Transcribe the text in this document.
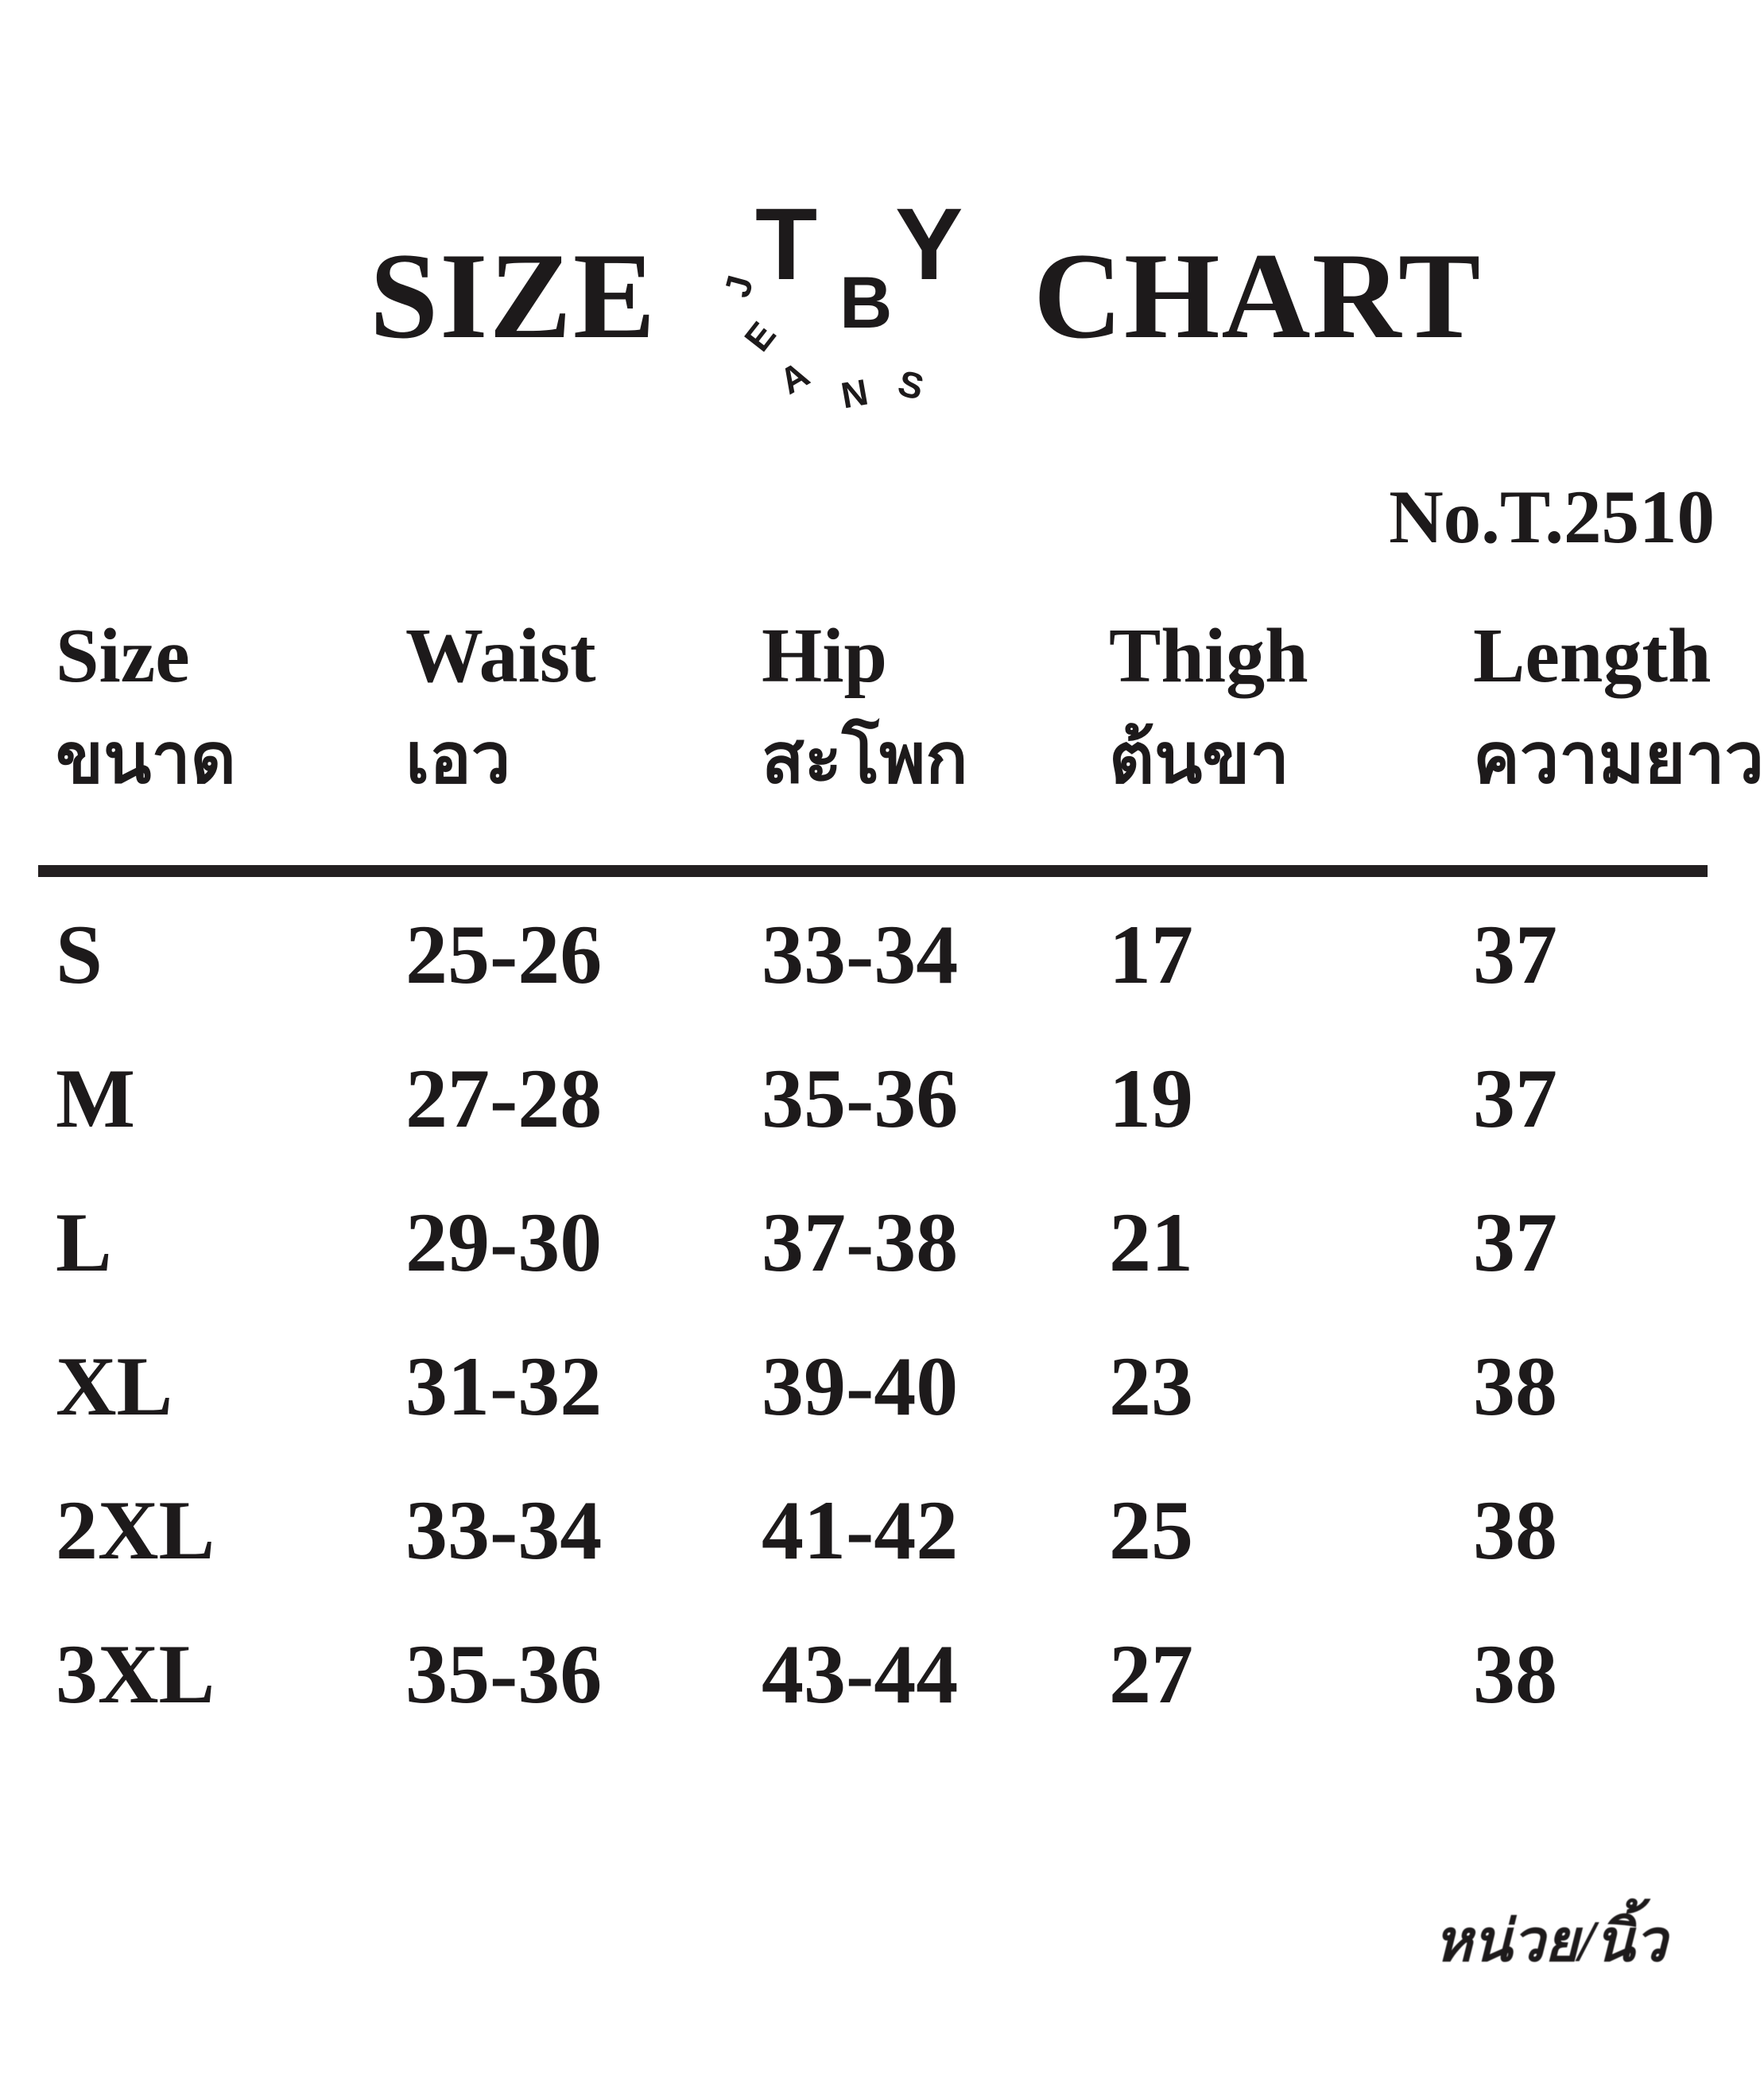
SIZE T Y
B
J
E
A N S
CHART
No.T.2510
Size	Waist	Hip	Thigh	Length
ขนาด	เอว	สะโพก	ต้นขา	ความยาว
S	25-26	33-34	17	37
M	27-28	35-36	19	37
L	29-30	37-38	21	37
XL	31-32	39-40	23	38
2XL	33-34	41-42	25	38
3XL	35-36	43-44	27	38
หน่วย/นิ้ว
